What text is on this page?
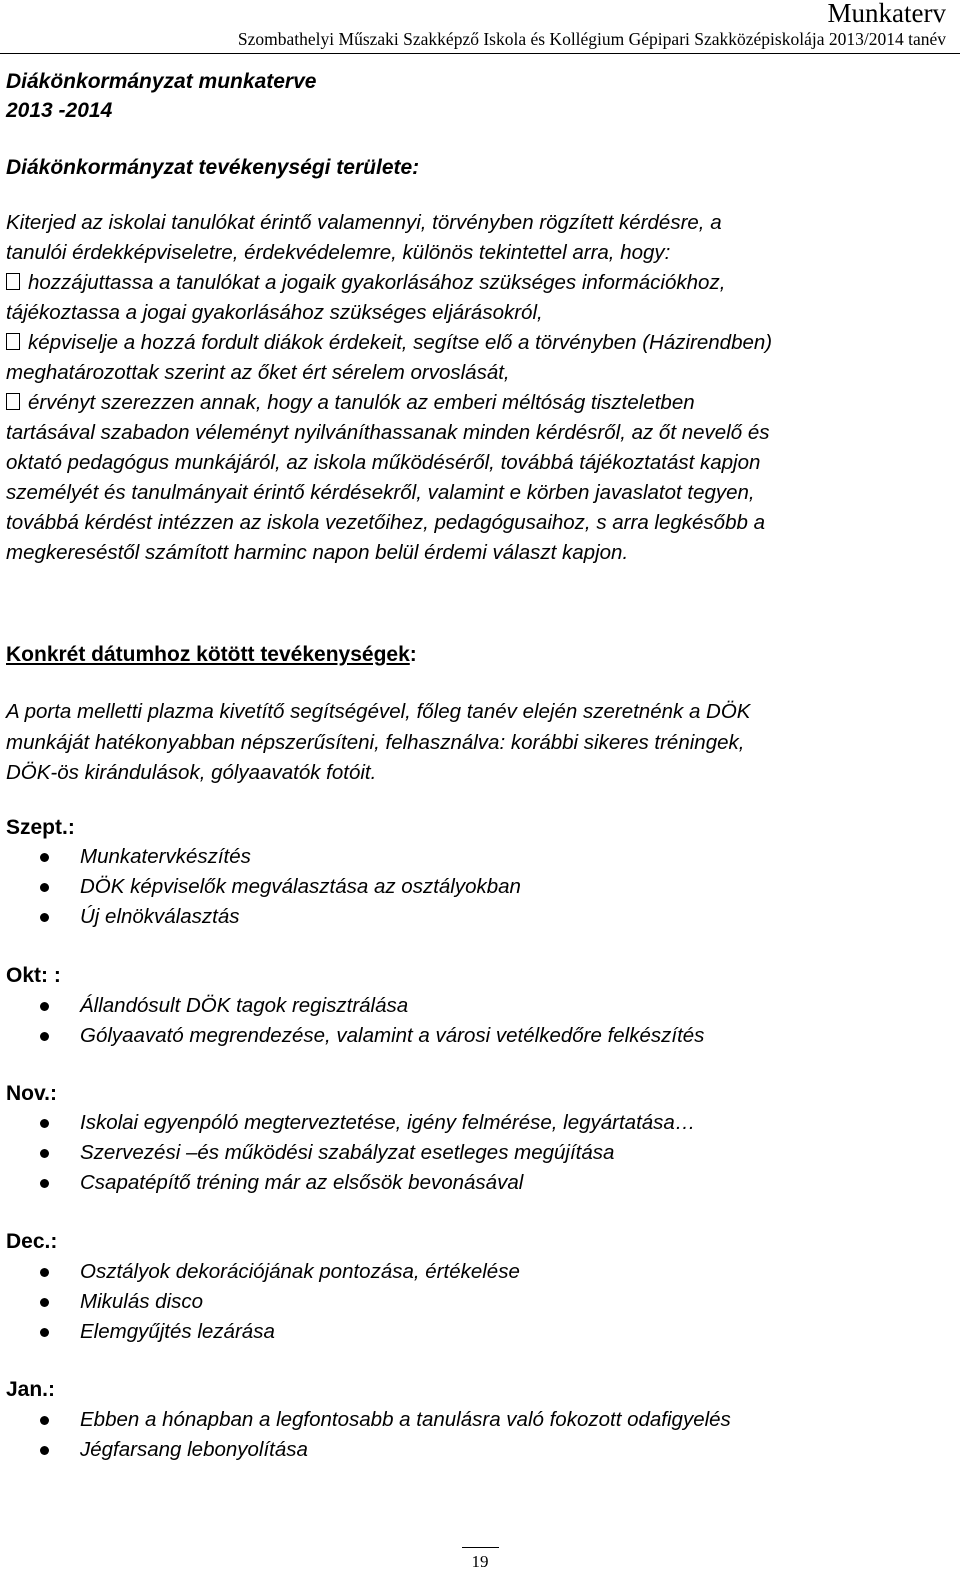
Munkaterv
Szombathelyi Műszaki Szakképző Iskola és Kollégium Gépipari Szakközépiskolája 2013/2014 tanév
Diákönkormányzat munkaterve
2013 -2014
Diákönkormányzat tevékenységi területe:
Kiterjed az iskolai tanulókat érintő valamennyi, törvényben rögzített kérdésre, a
tanulói érdekképviseletre, érdekvédelemre, különös tekintettel arra, hogy:
hozzájuttassa a tanulókat a jogaik gyakorlásához szükséges információkhoz,
tájékoztassa a jogai gyakorlásához szükséges eljárásokról,
képviselje a hozzá fordult diákok érdekeit, segítse elő a törvényben (Házirendben)
meghatározottak szerint az őket ért sérelem orvoslását,
érvényt szerezzen annak, hogy a tanulók az emberi méltóság tiszteletben
tartásával szabadon véleményt nyilváníthassanak minden kérdésről, az őt nevelő és
oktató pedagógus munkájáról, az iskola működéséről, továbbá tájékoztatást kapjon
személyét és tanulmányait érintő kérdésekről, valamint e körben javaslatot tegyen,
továbbá kérdést intézzen az iskola vezetőihez, pedagógusaihoz, s arra legkésőbb a
megkereséstől számított harminc napon belül érdemi választ kapjon.
Konkrét dátumhoz kötött tevékenységek:
A porta melletti plazma kivetítő segítségével, főleg tanév elején szeretnénk a DÖK
munkáját hatékonyabban népszerűsíteni, felhasználva: korábbi sikeres tréningek,
DÖK-ös kirándulások, gólyaavatók fotóit.
Szept.:
Munkatervkészítés
DÖK képviselők megválasztása az osztályokban
Új elnökválasztás
Okt: :
Állandósult DÖK tagok regisztrálása
Gólyaavató megrendezése, valamint a városi vetélkedőre felkészítés
Nov.:
Iskolai egyenpóló megterveztetése, igény felmérése, legyártatása…
Szervezési –és működési szabályzat esetleges megújítása
Csapatépítő tréning már az elsősök bevonásával
Dec.:
Osztályok dekorációjának pontozása, értékelése
Mikulás disco
Elemgyűjtés lezárása
Jan.:
Ebben a hónapban a legfontosabb a tanulásra való fokozott odafigyelés
Jégfarsang lebonyolítása
19
